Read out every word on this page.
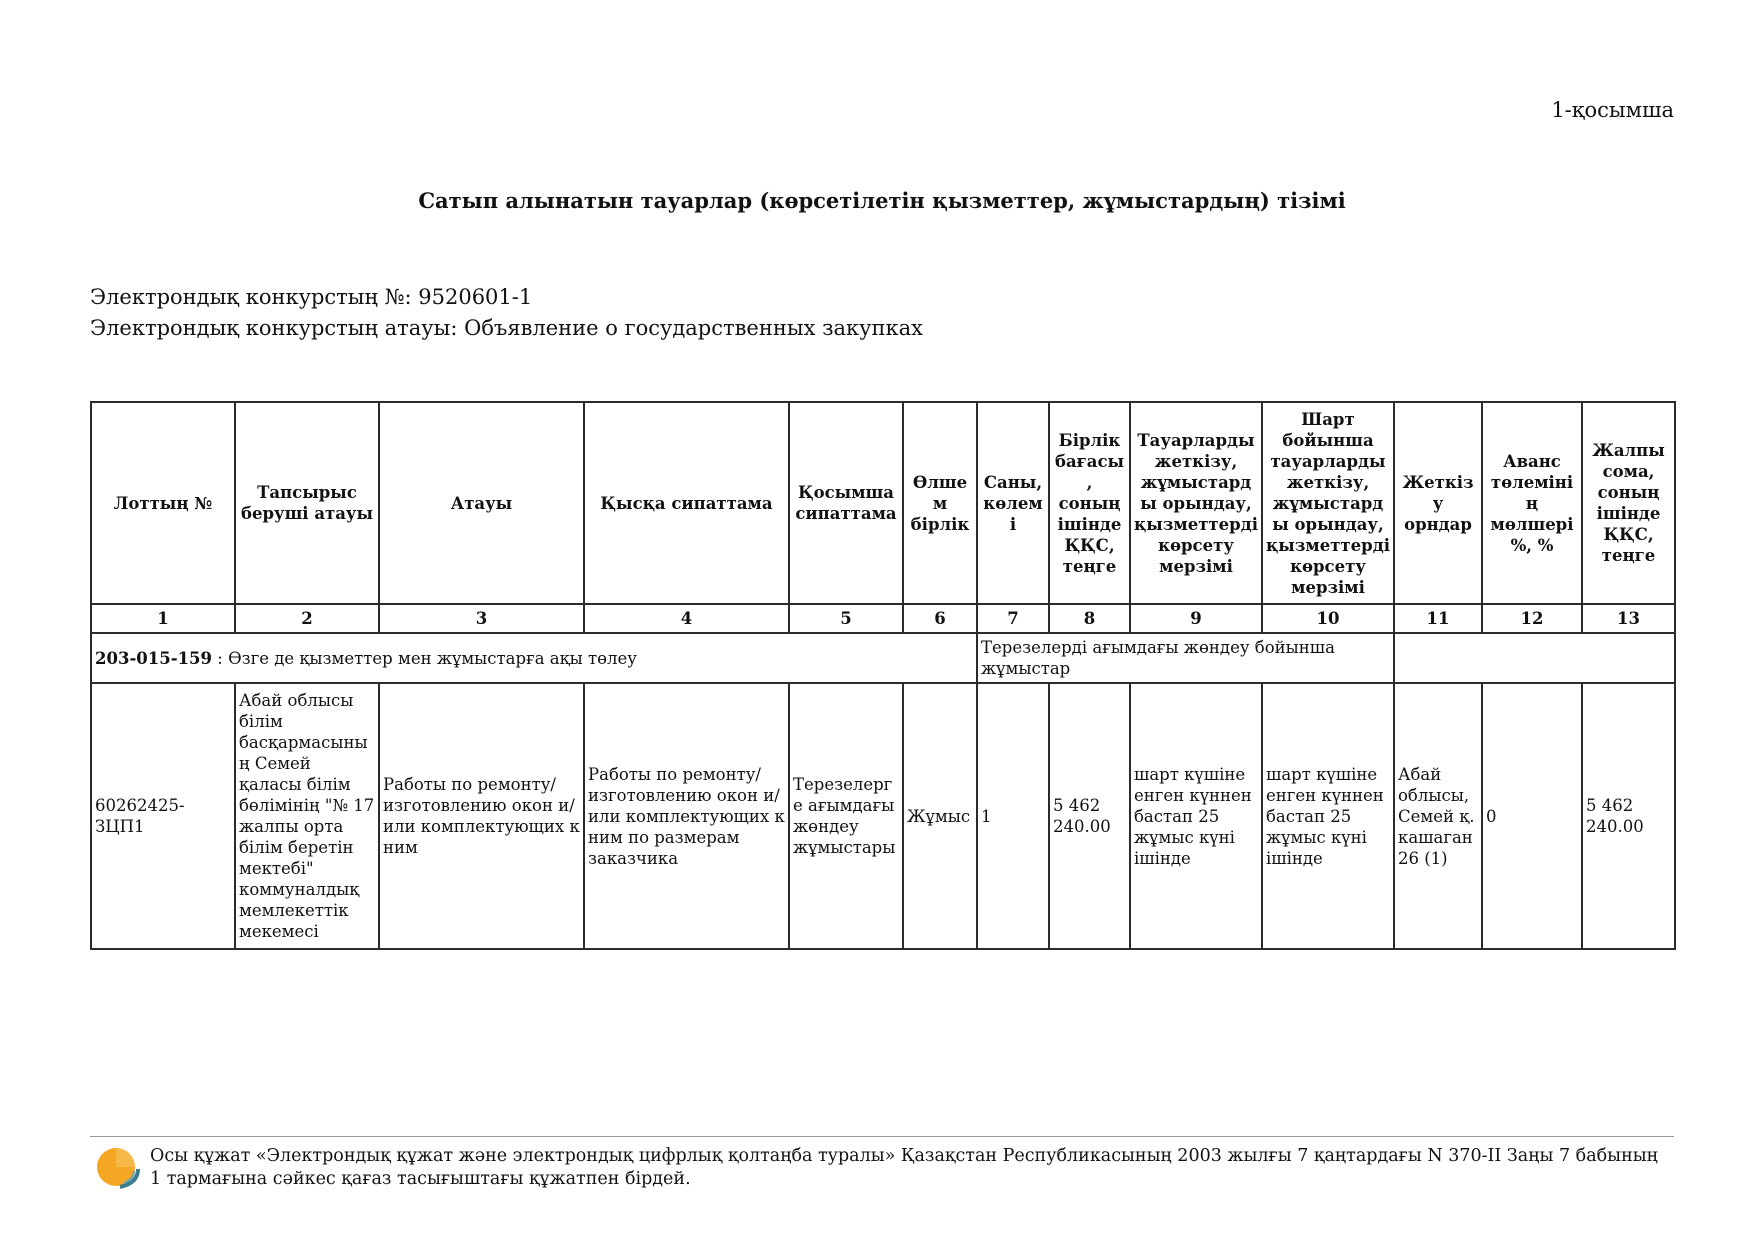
1-қосымша
Сатып алынатын тауарлар (көрсетілетін қызметтер, жұмыстардың) тізімі
Электрондық конкурстың №: 9520601-1
Электрондық конкурстың атауы: Объявление о государственных закупках
Лоттың №	Тапсырыс беруші атауы	Атауы	Қысқа сипаттама	Қосымша сипаттама	Өлшем бірлік	Саны, көлемі	Бірлік бағасы, соның ішінде ҚҚС, теңге	Тауарларды жеткізу, жұмыстарды орындау, қызметтерді көрсету мерзімі	Шарт бойынша тауарларды жеткізу, жұмыстарды орындау, қызметтерді көрсету мерзімі	Жеткізу орндар	Аванс төлемінің мөлшері %, %	Жалпы сома, соның ішінде ҚҚС, теңге
1	2	3	4	5	6	7	8	9	10	11	12	13
203-015-159 : Өзге де қызметтер мен жұмыстарға ақы төлеу						Терезелерді ағымдағы жөндеу бойынша жұмыстар						
60262425-ЗЦП1	Абай облысы білім басқармасының Семей қаласы білім бөлімінің "№ 17 жалпы орта білім беретін мектебі" коммуналдық мемлекеттік мекемесі	Работы по ремонту/изготовлению окон и/или комплектующих к ним	Работы по ремонту/изготовлению окон и/или комплектующих к ним по размерам заказчика	Терезелерге ағымдағы жөндеу жұмыстары	Жұмыс	1	5 462 240.00	шарт күшіне енген күннен бастап 25 жұмыс күні ішінде	шарт күшіне енген күннен бастап 25 жұмыс күні ішінде	Абай облысы, Семей қ. кашаган 26 (1)	0	5 462 240.00
Осы құжат «Электрондық құжат және электрондық цифрлық қолтаңба туралы» Қазақстан Республикасының 2003 жылғы 7 қаңтардағы N 370-II Заңы 7 бабының 1 тармағына сәйкес қағаз тасығыштағы құжатпен бірдей.
